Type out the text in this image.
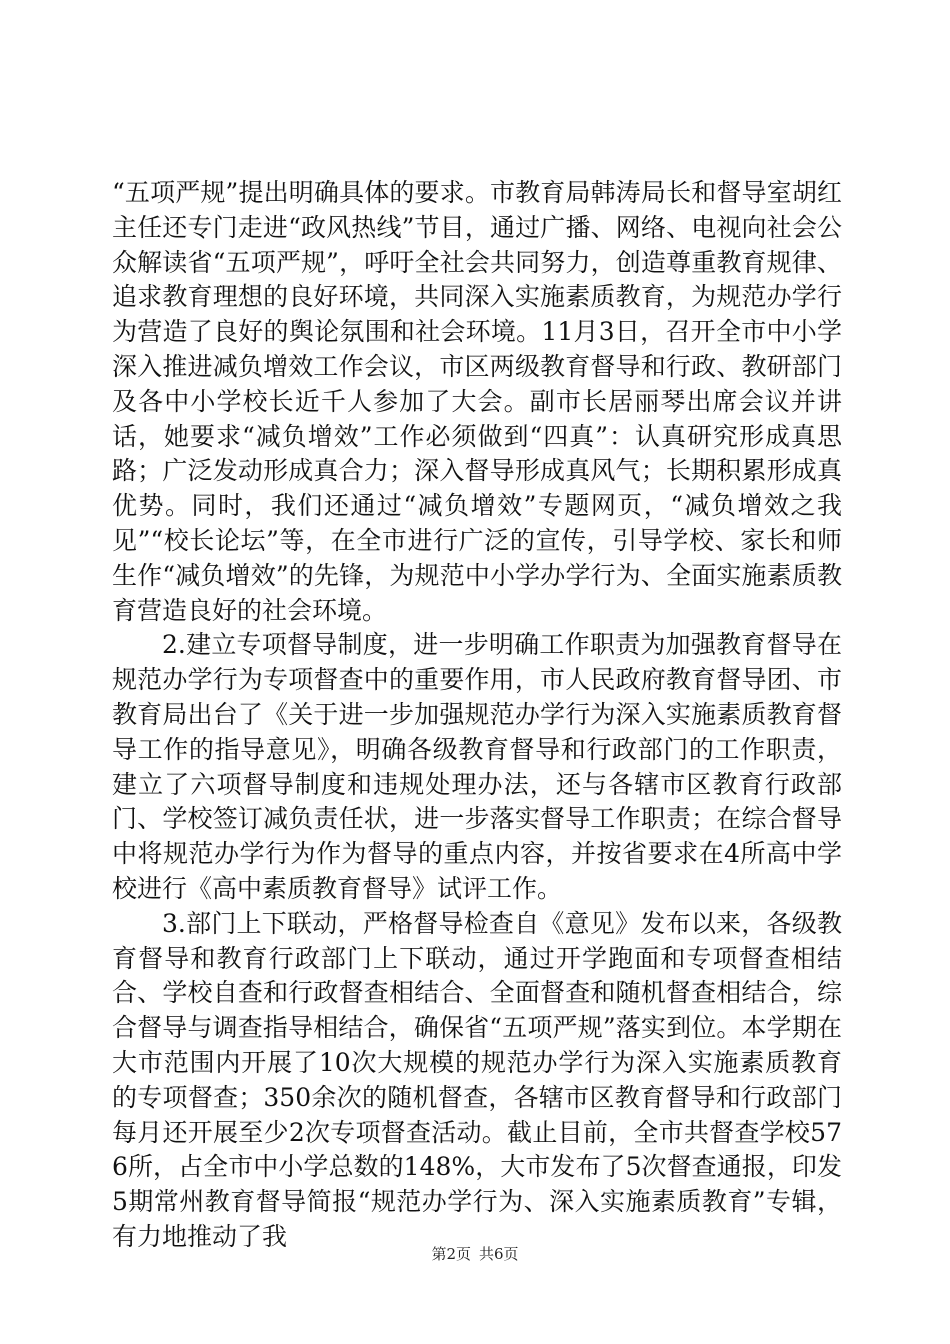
“五项严规”提出明确具体的要求。市教育局韩涛局长和督导室胡红主任还专门走进“政风热线”节目，通过广播、网络、电视向社会公众解读省“五项严规”，呼吁全社会共同努力，创造尊重教育规律、追求教育理想的良好环境，共同深入实施素质教育，为规范办学行为营造了良好的舆论氛围和社会环境。11月3日，召开全市中小学深入推进减负增效工作会议，市区两级教育督导和行政、教研部门及各中小学校长近千人参加了大会。副市长居丽琴出席会议并讲话，她要求“减负增效”工作必须做到“四真”：认真研究形成真思路；广泛发动形成真合力；深入督导形成真风气；长期积累形成真优势。同时，我们还通过“减负增效”专题网页，“减负增效之我见”“校长论坛”等，在全市进行广泛的宣传，引导学校、家长和师生作“减负增效”的先锋，为规范中小学办学行为、全面实施素质教育营造良好的社会环境。

2.建立专项督导制度，进一步明确工作职责为加强教育督导在规范办学行为专项督查中的重要作用，市人民政府教育督导团、市教育局出台了《关于进一步加强规范办学行为深入实施素质教育督导工作的指导意见》，明确各级教育督导和行政部门的工作职责，建立了六项督导制度和违规处理办法，还与各辖市区教育行政部门、学校签订减负责任状，进一步落实督导工作职责；在综合督导中将规范办学行为作为督导的重点内容，并按省要求在4所高中学校进行《高中素质教育督导》试评工作。

3.部门上下联动，严格督导检查自《意见》发布以来，各级教育督导和教育行政部门上下联动，通过开学跑面和专项督查相结合、学校自查和行政督查相结合、全面督查和随机督查相结合，综合督导与调查指导相结合，确保省“五项严规”落实到位。本学期在大市范围内开展了10次大规模的规范办学行为深入实施素质教育的专项督查；350余次的随机督查，各辖市区教育督导和行政部门每月还开展至少2次专项督查活动。截止目前，全市共督查学校576所，占全市中小学总数的148%，大市发布了5次督查通报，印发5期常州教育督导简报“规范办学行为、深入实施素质教育”专辑，有力地推动了我

第2页 共6页
